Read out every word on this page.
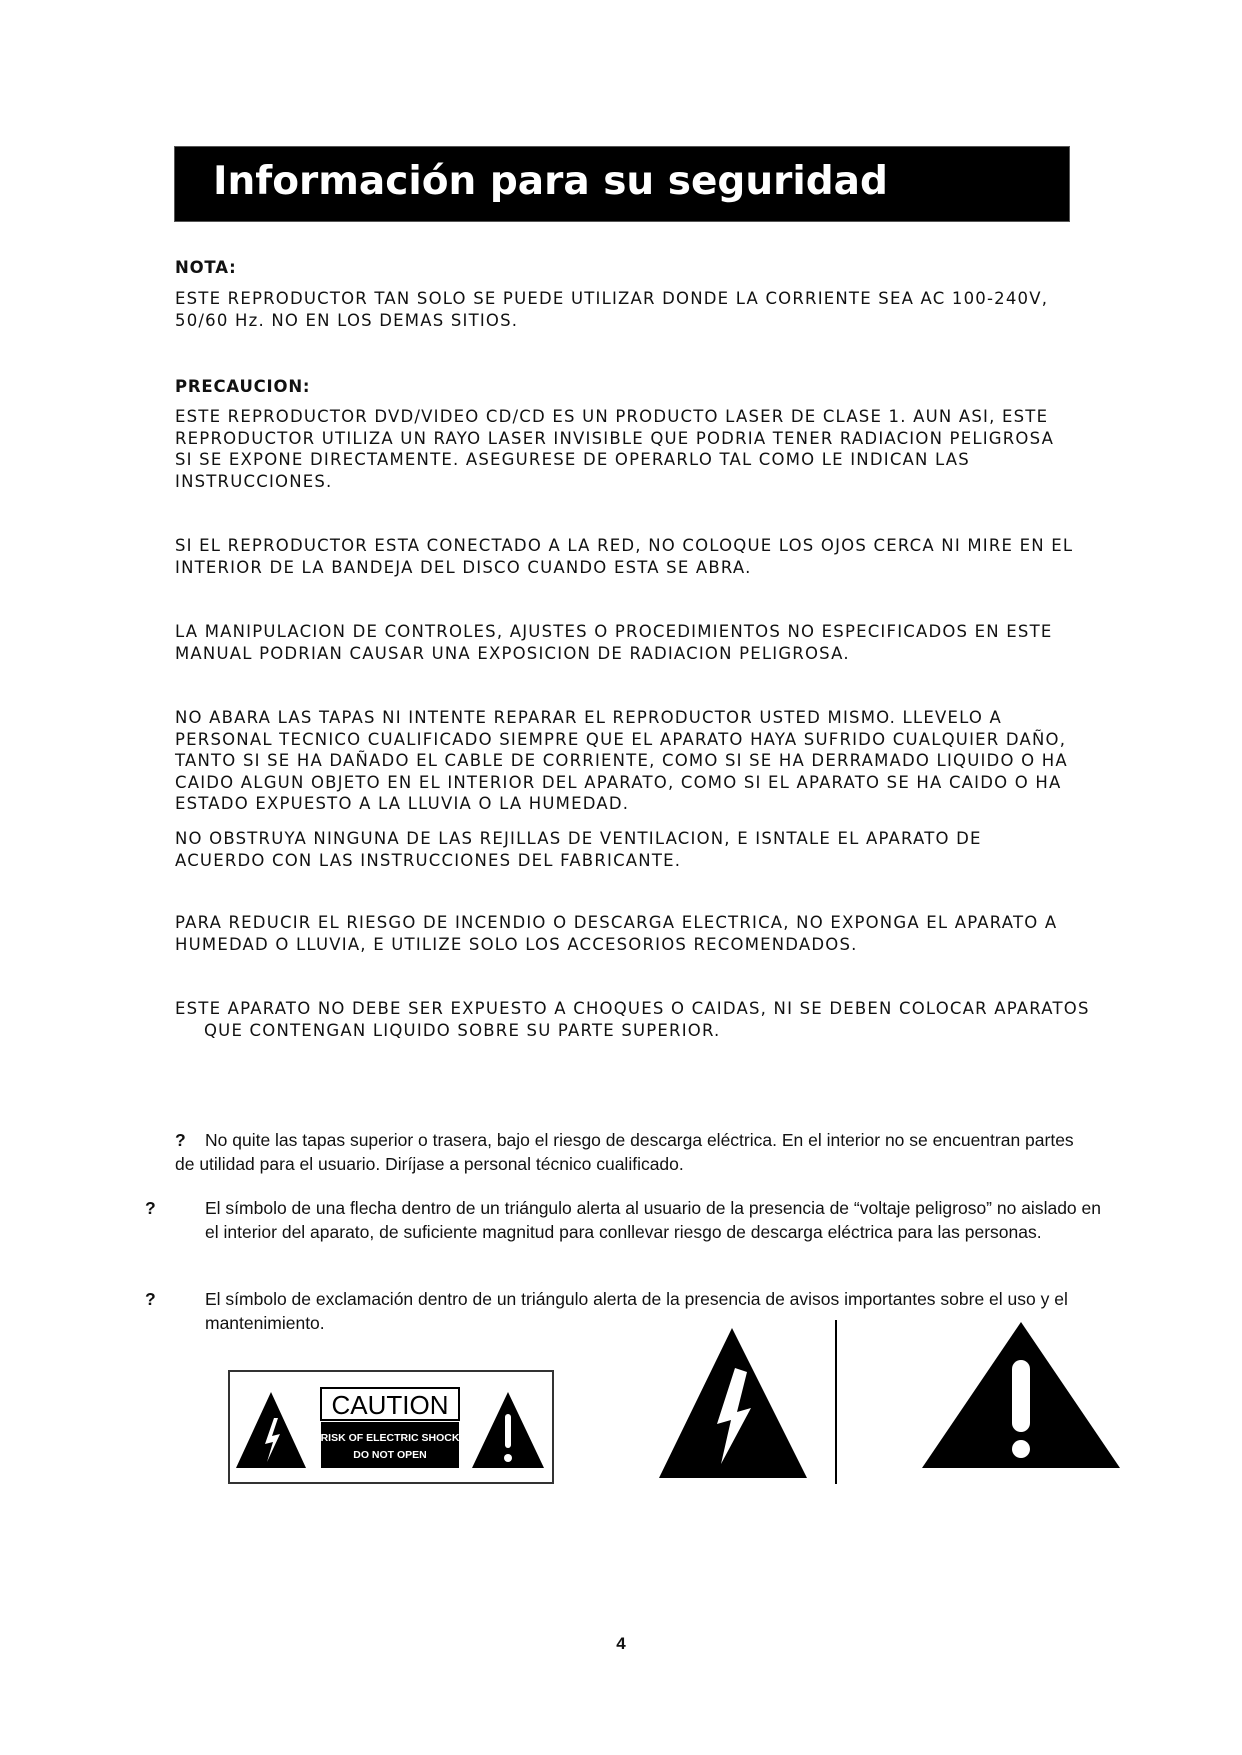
Información para su seguridad

NOTA:

ESTE REPRODUCTOR TAN SOLO SE PUEDE UTILIZAR DONDE LA CORRIENTE SEA AC 100-240V, 50/60 Hz. NO EN LOS DEMAS SITIOS.

PRECAUCION:

ESTE REPRODUCTOR DVD/VIDEO CD/CD ES UN PRODUCTO LASER DE CLASE 1. AUN ASI, ESTE REPRODUCTOR UTILIZA UN RAYO LASER INVISIBLE QUE PODRIA TENER RADIACION PELIGROSA SI SE EXPONE DIRECTAMENTE. ASEGURESE DE OPERARLO TAL COMO LE INDICAN LAS INSTRUCCIONES.

SI EL REPRODUCTOR ESTA CONECTADO A LA RED, NO COLOQUE LOS OJOS CERCA NI MIRE EN EL INTERIOR DE LA BANDEJA DEL DISCO CUANDO ESTA SE ABRA.

LA MANIPULACION DE CONTROLES, AJUSTES O PROCEDIMIENTOS NO ESPECIFICADOS EN ESTE MANUAL PODRIAN CAUSAR UNA EXPOSICION DE RADIACION PELIGROSA.

NO ABARA LAS TAPAS NI INTENTE REPARAR EL REPRODUCTOR USTED MISMO. LLEVELO A PERSONAL TECNICO CUALIFICADO SIEMPRE QUE EL APARATO HAYA SUFRIDO CUALQUIER DAÑO, TANTO SI SE HA DAÑADO EL CABLE DE CORRIENTE, COMO SI SE HA DERRAMADO LIQUIDO O HA CAIDO ALGUN OBJETO EN EL INTERIOR DEL APARATO, COMO SI EL APARATO SE HA CAIDO O HA ESTADO EXPUESTO A LA LLUVIA O LA HUMEDAD.

NO OBSTRUYA NINGUNA DE LAS REJILLAS DE VENTILACION, E ISNTALE EL APARATO DE ACUERDO CON LAS INSTRUCCIONES DEL FABRICANTE.

PARA REDUCIR EL RIESGO DE INCENDIO O DESCARGA ELECTRICA, NO EXPONGA EL APARATO A HUMEDAD O LLUVIA, E UTILIZE SOLO LOS ACCESORIOS RECOMENDADOS.

ESTE APARATO NO DEBE SER EXPUESTO A CHOQUES O CAIDAS, NI SE DEBEN COLOCAR APARATOS QUE CONTENGAN LIQUIDO SOBRE SU PARTE SUPERIOR.

? No quite las tapas superior o trasera, bajo el riesgo de descarga eléctrica. En el interior no se encuentran partes de utilidad para el usuario. Diríjase a personal técnico cualificado.

?	El símbolo de una flecha dentro de un triángulo alerta al usuario de la presencia de “voltaje peligroso” no aislado en el interior del aparato, de suficiente magnitud para conllevar riesgo de descarga eléctrica para las personas.

?	El símbolo de exclamación dentro de un triángulo alerta de la presencia de avisos importantes sobre el uso y el mantenimiento.

CAUTION
RISK OF ELECTRIC SHOCK
DO NOT OPEN
4
